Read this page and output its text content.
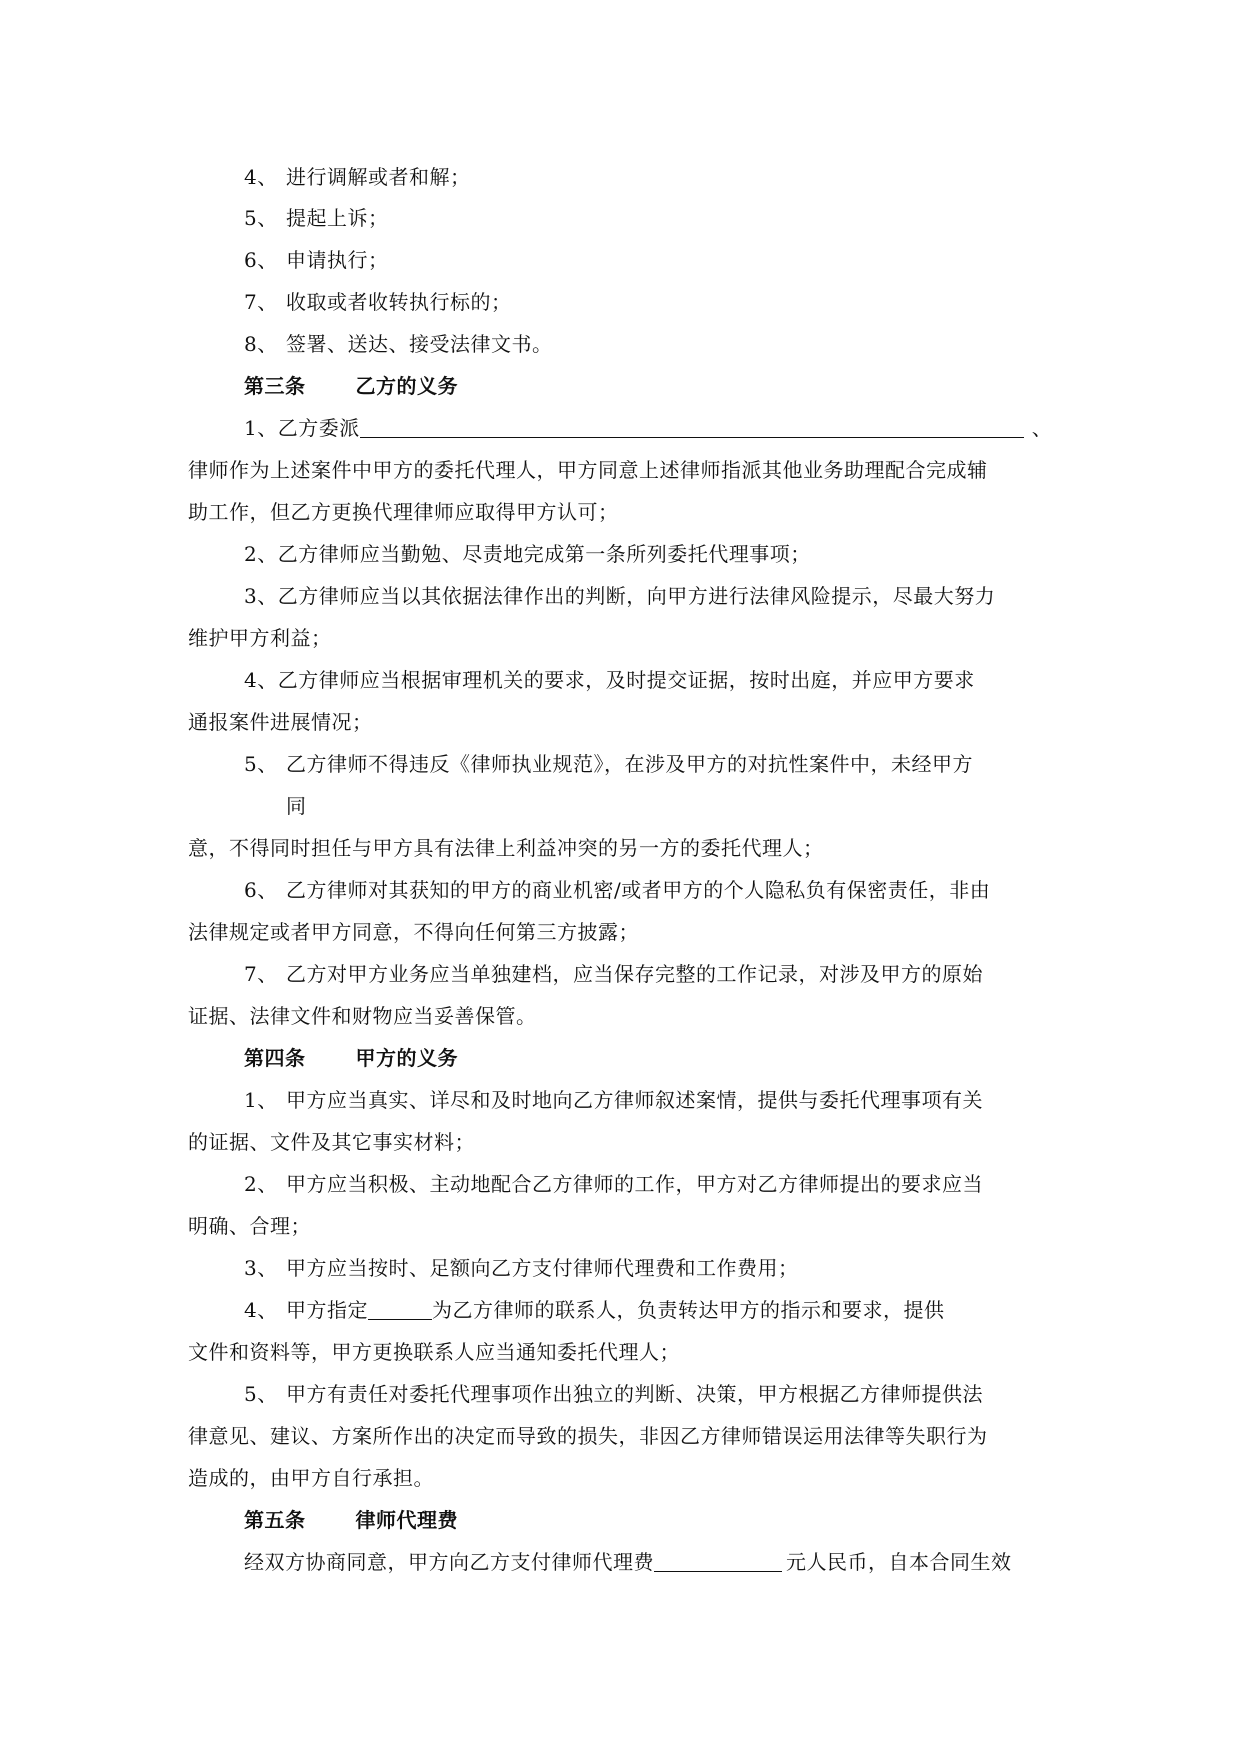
4、 进行调解或者和解；
5、 提起上诉；
6、 申请执行；
7、 收取或者收转执行标的；
8、 签署、送达、接受法律文书。
第三条	乙方的义务
1、乙方委派	、
律师作为上述案件中甲方的委托代理人，甲方同意上述律师指派其他业务助理配合完成辅
助工作，但乙方更换代理律师应取得甲方认可；
2、乙方律师应当勤勉、尽责地完成第一条所列委托代理事项；
3、乙方律师应当以其依据法律作出的判断，向甲方进行法律风险提示，尽最大努力
维护甲方利益；
4、乙方律师应当根据审理机关的要求，及时提交证据，按时出庭，并应甲方要求
通报案件进展情况；
5、 乙方律师不得违反《律师执业规范》，在涉及甲方的对抗性案件中，未经甲方
同
意，不得同时担任与甲方具有法律上利益冲突的另一方的委托代理人；
6、 乙方律师对其获知的甲方的商业机密/或者甲方的个人隐私负有保密责任，非由
法律规定或者甲方同意，不得向任何第三方披露；
7、 乙方对甲方业务应当单独建档，应当保存完整的工作记录，对涉及甲方的原始
证据、法律文件和财物应当妥善保管。
第四条	甲方的义务
1、 甲方应当真实、详尽和及时地向乙方律师叙述案情，提供与委托代理事项有关
的证据、文件及其它事实材料；
2、 甲方应当积极、主动地配合乙方律师的工作，甲方对乙方律师提出的要求应当
明确、合理；
3、 甲方应当按时、足额向乙方支付律师代理费和工作费用；
4、 甲方指定	为乙方律师的联系人，负责转达甲方的指示和要求，提供
文件和资料等，甲方更换联系人应当通知委托代理人；
5、 甲方有责任对委托代理事项作出独立的判断、决策，甲方根据乙方律师提供法
律意见、建议、方案所作出的决定而导致的损失，非因乙方律师错误运用法律等失职行为
造成的，由甲方自行承担。
第五条	律师代理费
经双方协商同意，甲方向乙方支付律师代理费	元人民币，自本合同生效
